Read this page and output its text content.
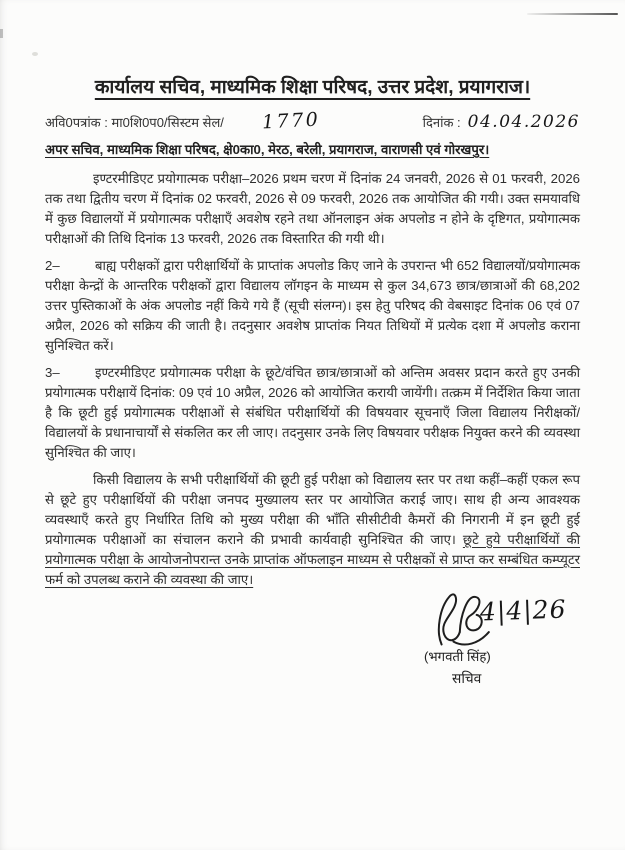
कार्यालय सचिव, माध्यमिक शिक्षा परिषद, उत्तर प्रदेश, प्रयागराज।
अवि0पत्रांक : मा0शि0प0/सिस्टम सेल/ 1770	दिनांक : 04.04.2026
अपर सचिव, माध्यमिक शिक्षा परिषद, क्षे0का0, मेरठ, बरेली, प्रयागराज, वाराणसी एवं गोरखपुर।

इण्टरमीडिएट प्रयोगात्मक परीक्षा–2026 प्रथम चरण में दिनांक 24 जनवरी, 2026 से 01 फरवरी, 2026 तक तथा द्वितीय चरण में दिनांक 02 फरवरी, 2026 से 09 फरवरी, 2026 तक आयोजित की गयी। उक्त समयावधि में कुछ विद्यालयों में प्रयोगात्मक परीक्षाएँ अवशेष रहने तथा ऑनलाइन अंक अपलोड न होने के दृष्टिगत, प्रयोगात्मक परीक्षाओं की तिथि दिनांक 13 फरवरी, 2026 तक विस्तारित की गयी थी।

2–	बाह्य परीक्षकों द्वारा परीक्षार्थियों के प्राप्तांक अपलोड किए जाने के उपरान्त भी 652 विद्यालयों/प्रयोगात्मक परीक्षा केन्द्रों के आन्तरिक परीक्षकों द्वारा विद्यालय लॉगइन के माध्यम से कुल 34,673 छात्र/छात्राओं की 68,202 उत्तर पुस्तिकाओं के अंक अपलोड नहीं किये गये हैं (सूची संलग्न)। इस हेतु परिषद की वेबसाइट दिनांक 06 एवं 07 अप्रैल, 2026 को सक्रिय की जाती है। तदनुसार अवशेष प्राप्तांक नियत तिथियों में प्रत्येक दशा में अपलोड कराना सुनिश्चित करें।

3–	इण्टरमीडिएट प्रयोगात्मक परीक्षा के छूटे/वंचित छात्र/छात्राओं को अन्तिम अवसर प्रदान करते हुए उनकी प्रयोगात्मक परीक्षायें दिनांक: 09 एवं 10 अप्रैल, 2026 को आयोजित करायी जायेंगी। तत्क्रम में निर्देशित किया जाता है कि छूटी हुई प्रयोगात्मक परीक्षाओं से संबंधित परीक्षार्थियों की विषयवार सूचनाएँ जिला विद्यालय निरीक्षकों/विद्यालयों के प्रधानाचार्यों से संकलित कर ली जाए। तदनुसार उनके लिए विषयवार परीक्षक नियुक्त करने की व्यवस्था सुनिश्चित की जाए।

किसी विद्यालय के सभी परीक्षार्थियों की छूटी हुई परीक्षा को विद्यालय स्तर पर तथा कहीं–कहीं एकल रूप से छूटे हुए परीक्षार्थियों की परीक्षा जनपद मुख्यालय स्तर पर आयोजित कराई जाए। साथ ही अन्य आवश्यक व्यवस्थाएँ करते हुए निर्धारित तिथि को मुख्य परीक्षा की भाँति सीसीटीवी कैमरों की निगरानी में इन छूटी हुई प्रयोगात्मक परीक्षाओं का संचालन कराने की प्रभावी कार्यवाही सुनिश्चित की जाए। छूटे हुये परीक्षार्थियों की प्रयोगात्मक परीक्षा के आयोजनोपरान्त उनके प्राप्तांक ऑफलाइन माध्यम से परीक्षकों से प्राप्त कर सम्बंधित कम्प्यूटर फर्म को उपलब्ध कराने की व्यवस्था की जाए।

4|4|26
(भगवती सिंह)
सचिव
